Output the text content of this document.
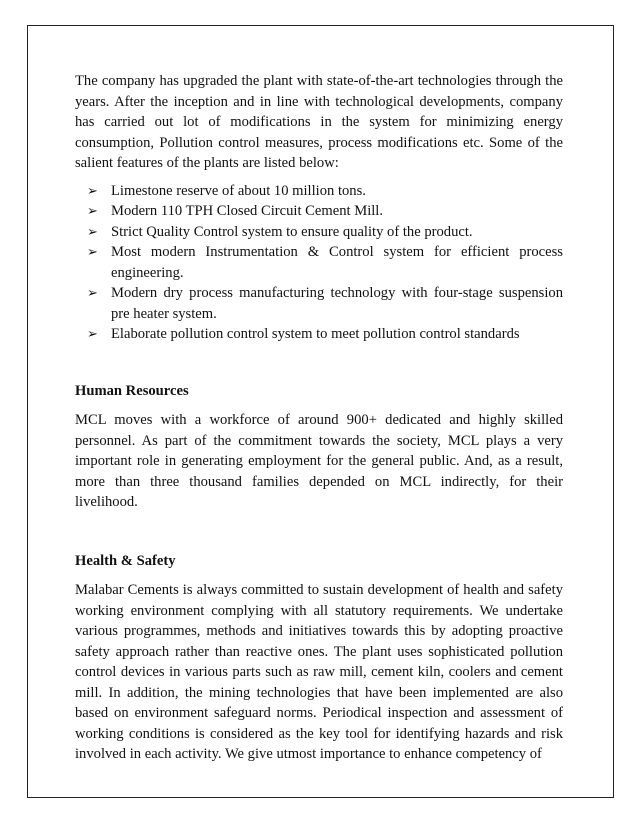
The company has upgraded the plant with state-of-the-art technologies through the years. After the inception and in line with technological developments, company has carried out lot of modifications in the system for minimizing energy consumption, Pollution control measures, process modifications etc. Some of the salient features of the plants are listed below:

➢ Limestone reserve of about 10 million tons.
➢ Modern 110 TPH Closed Circuit Cement Mill.
➢ Strict Quality Control system to ensure quality of the product.
➢ Most modern Instrumentation & Control system for efficient process engineering.
➢ Modern dry process manufacturing technology with four-stage suspension pre heater system.
➢ Elaborate pollution control system to meet pollution control standards
Human Resources

MCL moves with a workforce of around 900+ dedicated and highly skilled personnel. As part of the commitment towards the society, MCL plays a very important role in generating employment for the general public. And, as a result, more than three thousand families depended on MCL indirectly, for their livelihood.

Health & Safety

Malabar Cements is always committed to sustain development of health and safety working environment complying with all statutory requirements. We undertake various programmes, methods and initiatives towards this by adopting proactive safety approach rather than reactive ones. The plant uses sophisticated pollution control devices in various parts such as raw mill, cement kiln, coolers and cement mill. In addition, the mining technologies that have been implemented are also based on environment safeguard norms. Periodical inspection and assessment of working conditions is considered as the key tool for identifying hazards and risk involved in each activity. We give utmost importance to enhance competency of
